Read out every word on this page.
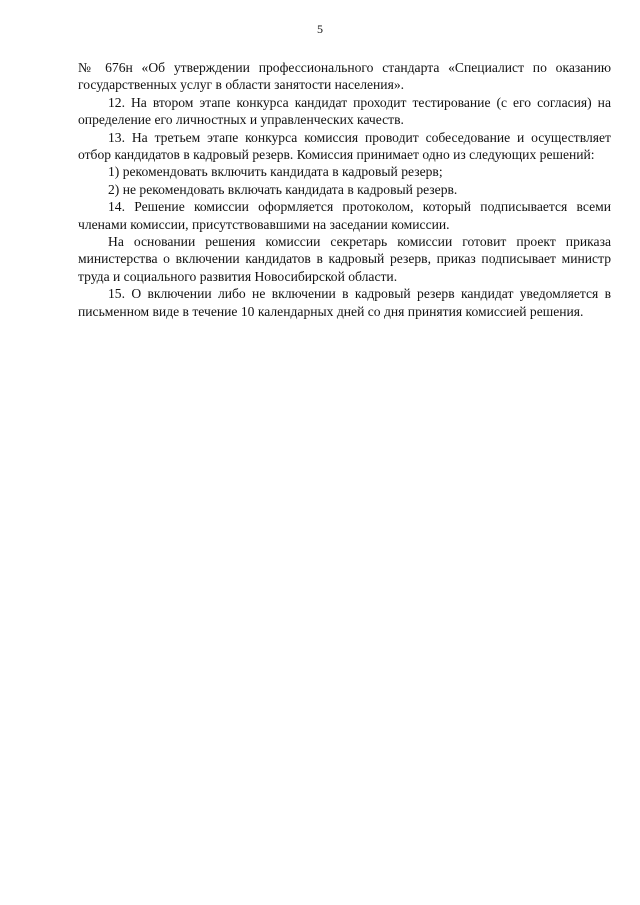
5

№ 676н «Об утверждении профессионального стандарта «Специалист по оказанию государственных услуг в области занятости населения».

12. На втором этапе конкурса кандидат проходит тестирование (с его согласия) на определение его личностных и управленческих качеств.

13. На третьем этапе конкурса комиссия проводит собеседование и осуществляет отбор кандидатов в кадровый резерв. Комиссия принимает одно из следующих решений:

1) рекомендовать включить кандидата в кадровый резерв;

2) не рекомендовать включать кандидата в кадровый резерв.

14. Решение комиссии оформляется протоколом, который подписывается всеми членами комиссии, присутствовавшими на заседании комиссии.

На основании решения комиссии секретарь комиссии готовит проект приказа министерства о включении кандидатов в кадровый резерв, приказ подписывает министр труда и социального развития Новосибирской области.

15. О включении либо не включении в кадровый резерв кандидат уведомляется в письменном виде в течение 10 календарных дней со дня принятия комиссией решения.
